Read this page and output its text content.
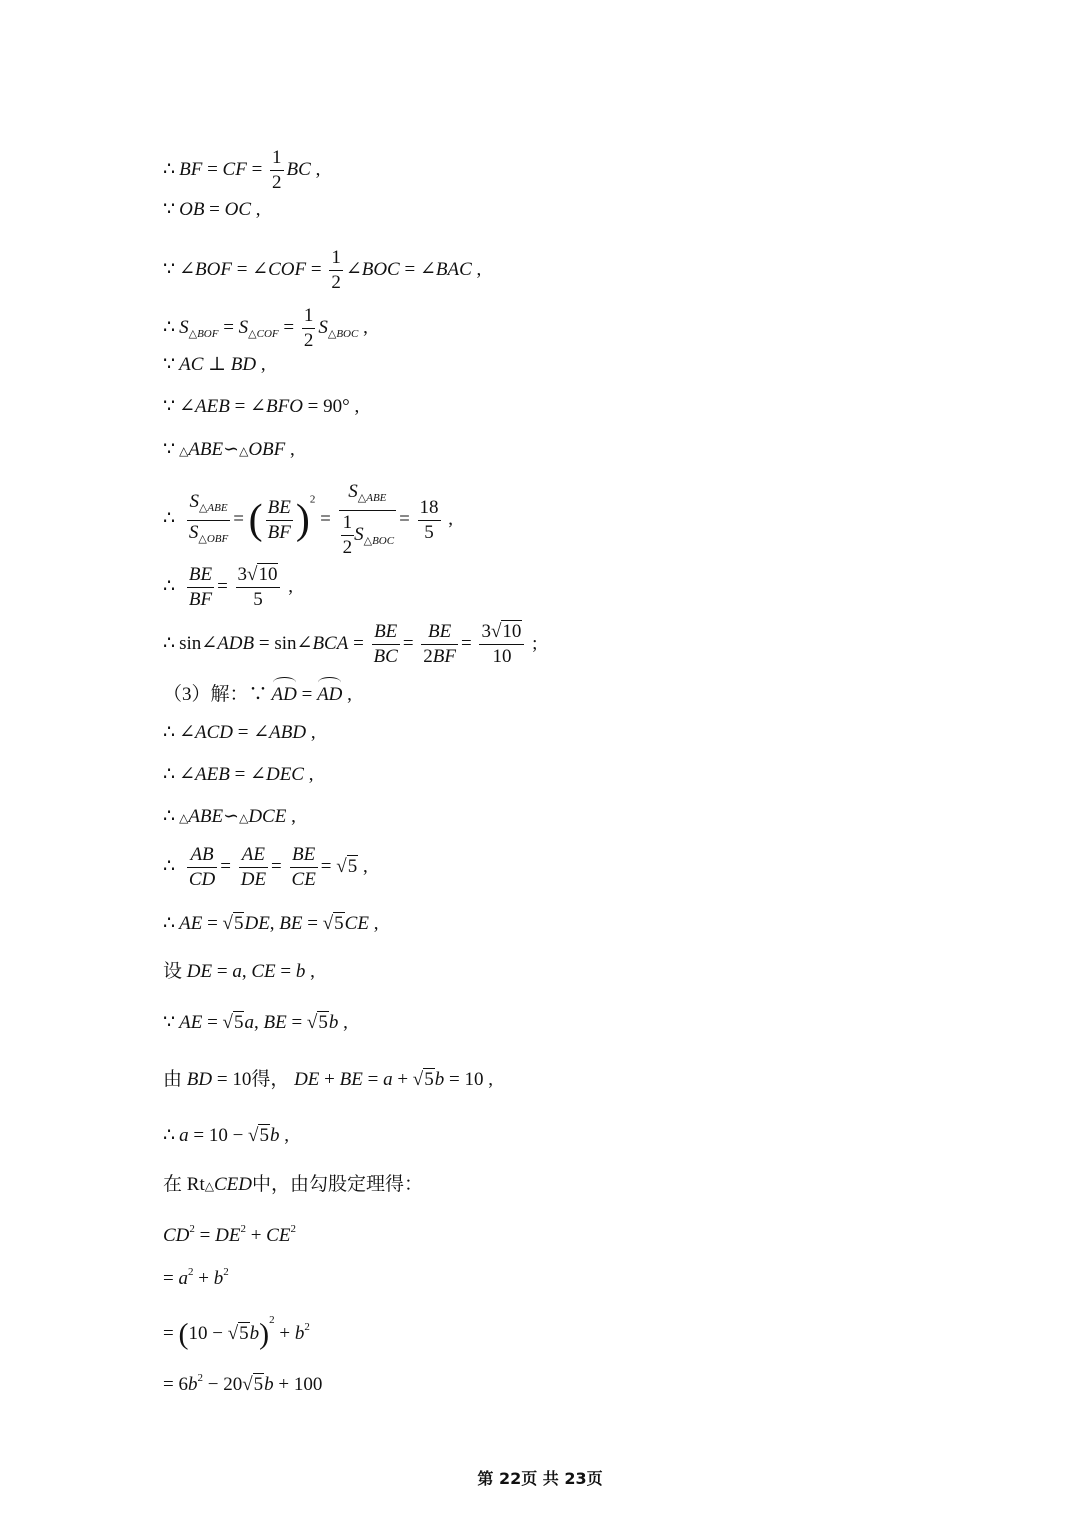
∴ BF = CF = $\frac{1}{2}$ BC ,
∵ OB = OC ,
∵ ∠BOF = ∠COF = $\frac{1}{2}$ ∠BOC = ∠BAC ,
∴ $S_{\triangle BOF} = S_{\triangle COF} = \frac{1}{2} S_{\triangle BOC}$ ,
∵ AC ⊥ BD ,
∵ ∠AEB = ∠BFO = 90° ,
∵ △ABE∽△OBF ,
∴ $\frac{S_{\triangle ABE}}{S_{\triangle OBF}}$ = ( $\frac{BE}{BF} )^2 = \frac{S_{\triangle ABE}}{\frac{1}{2} S_{\triangle BOC}} = \frac{18}{5}$ ,
∴ $\frac{BE}{BF} = \frac{3√10}{5}$ ,
∴ sin∠ADB = sin∠BCA = $\frac{BE}{BC} = \frac{BE}{2BF} = \frac{3√10}{10}$ ;
（3）解：∵ AD = AD ,
∴ ∠ACD = ∠ABD ,
∴ ∠AEB = ∠DEC ,
∴ △ABE∽△DCE ,
∴ $\frac{AB}{CD} = \frac{AE}{DE} = \frac{BE}{CE} = √5$ ,
∴ AE = √5DE, BE = √5CE ,
设 DE = a, CE = b ,
∵ AE = √5a, BE = √5b ,
由 BD = 10得， DE + BE = a + √5b = 10 ,
∴ a = 10 − √5b ,
在 Rt△CED中，由勾股定理得：
$CD^2 = DE^2 + CE^2$
= $a^2 + b^2$
= $(10 - √5b)^2 + b^2$
= $6b^2 - 20√5b + 100$
第 22页 共 23页
